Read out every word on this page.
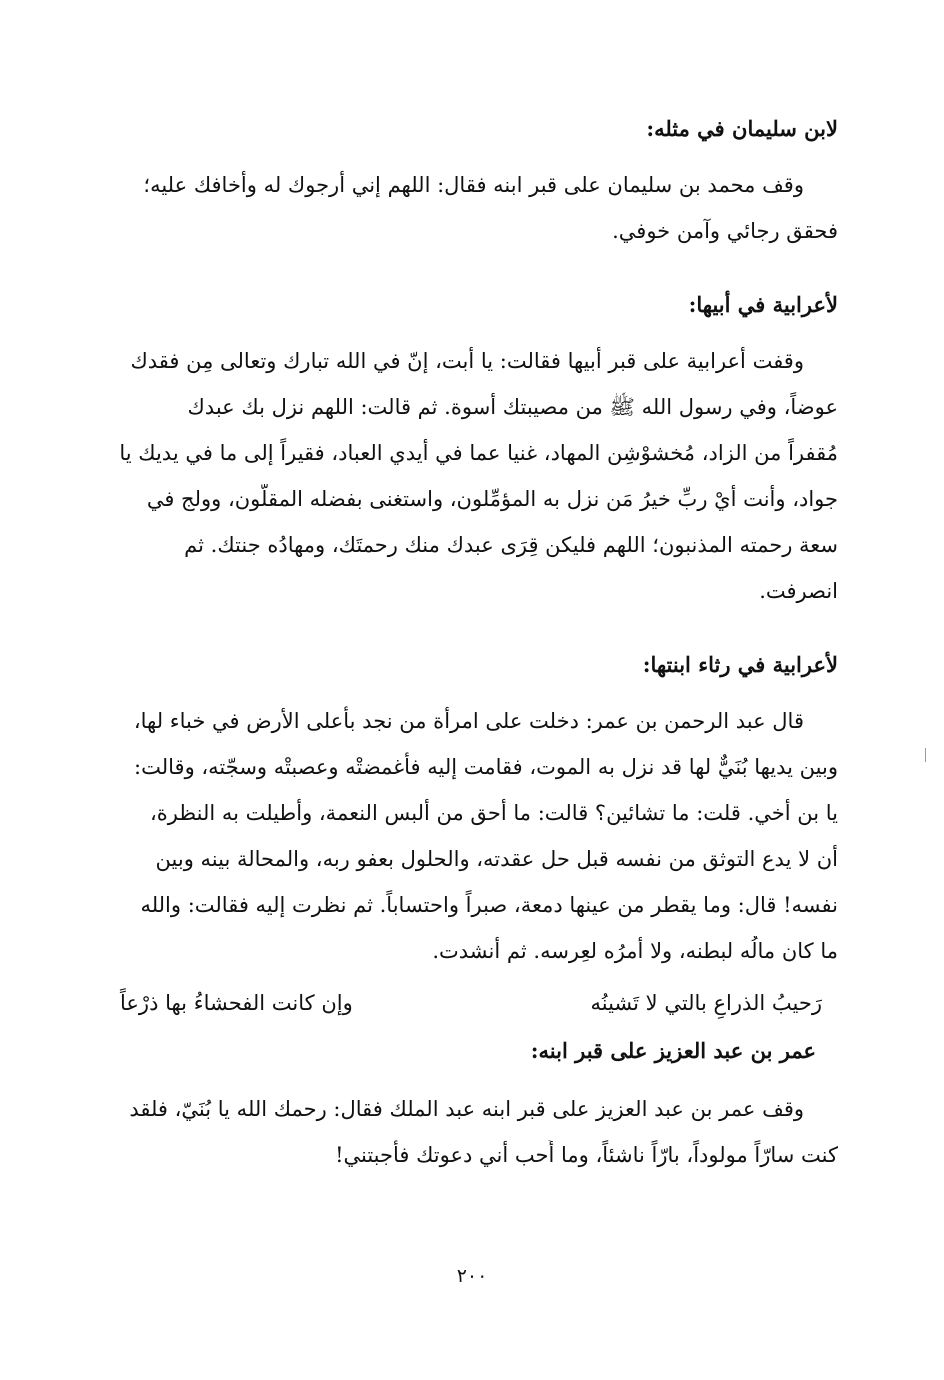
لابن سليمان في مثله:
وقف محمد بن سليمان على قبر ابنه فقال: اللهم إني أرجوك له وأخافك عليه؛
فحقق رجائي وآمن خوفي.
لأعرابية في أبيها:
وقفت أعرابية على قبر أبيها فقالت: يا أبت، إنّ في الله تبارك وتعالى مِن فقدك
عوضاً، وفي رسول الله ﷺ من مصيبتك أسوة. ثم قالت: اللهم نزل بك عبدك
مُقفراً من الزاد، مُخشوْشِن المهاد، غنيا عما في أيدي العباد، فقيراً إلى ما في يديك يا
جواد، وأنت أيْ ربِّ خيرُ مَن نزل به المؤمِّلون، واستغنى بفضله المقلّون، وولج في
سعة رحمته المذنبون؛ اللهم فليكن قِرَى عبدك منك رحمتَك، ومهادُه جنتك. ثم
انصرفت.
لأعرابية في رثاء ابنتها:
قال عبد الرحمن بن عمر: دخلت على امرأة من نجد بأعلى الأرض في خباء لها،
وبين يديها بُنَيٌّ لها قد نزل به الموت، فقامت إليه فأغمضتْه وعصبتْه وسجّته، وقالت:
يا بن أخي. قلت: ما تشائين؟ قالت: ما أحق من ألبس النعمة، وأطيلت به النظرة،
أن لا يدع التوثق من نفسه قبل حل عقدته، والحلول بعفو ربه، والمحالة بينه وبين
نفسه! قال: وما يقطر من عينها دمعة، صبراً واحتساباً. ثم نظرت إليه فقالت: والله
ما كان مالُه لبطنه، ولا أمرُه لعِرسه. ثم أنشدت.
رَحيبُ الذراعِ بالتي لا تَشينُه
وإن كانت الفحشاءُ بها ذرْعاً
عمر بن عبد العزيز على قبر ابنه:
وقف عمر بن عبد العزيز على قبر ابنه عبد الملك فقال: رحمك الله يا بُنَيّ، فلقد
كنت سارّاً مولوداً، بارّاً ناشئاً، وما أُحب أني دعوتك فأجبتني!
٢٠٠
